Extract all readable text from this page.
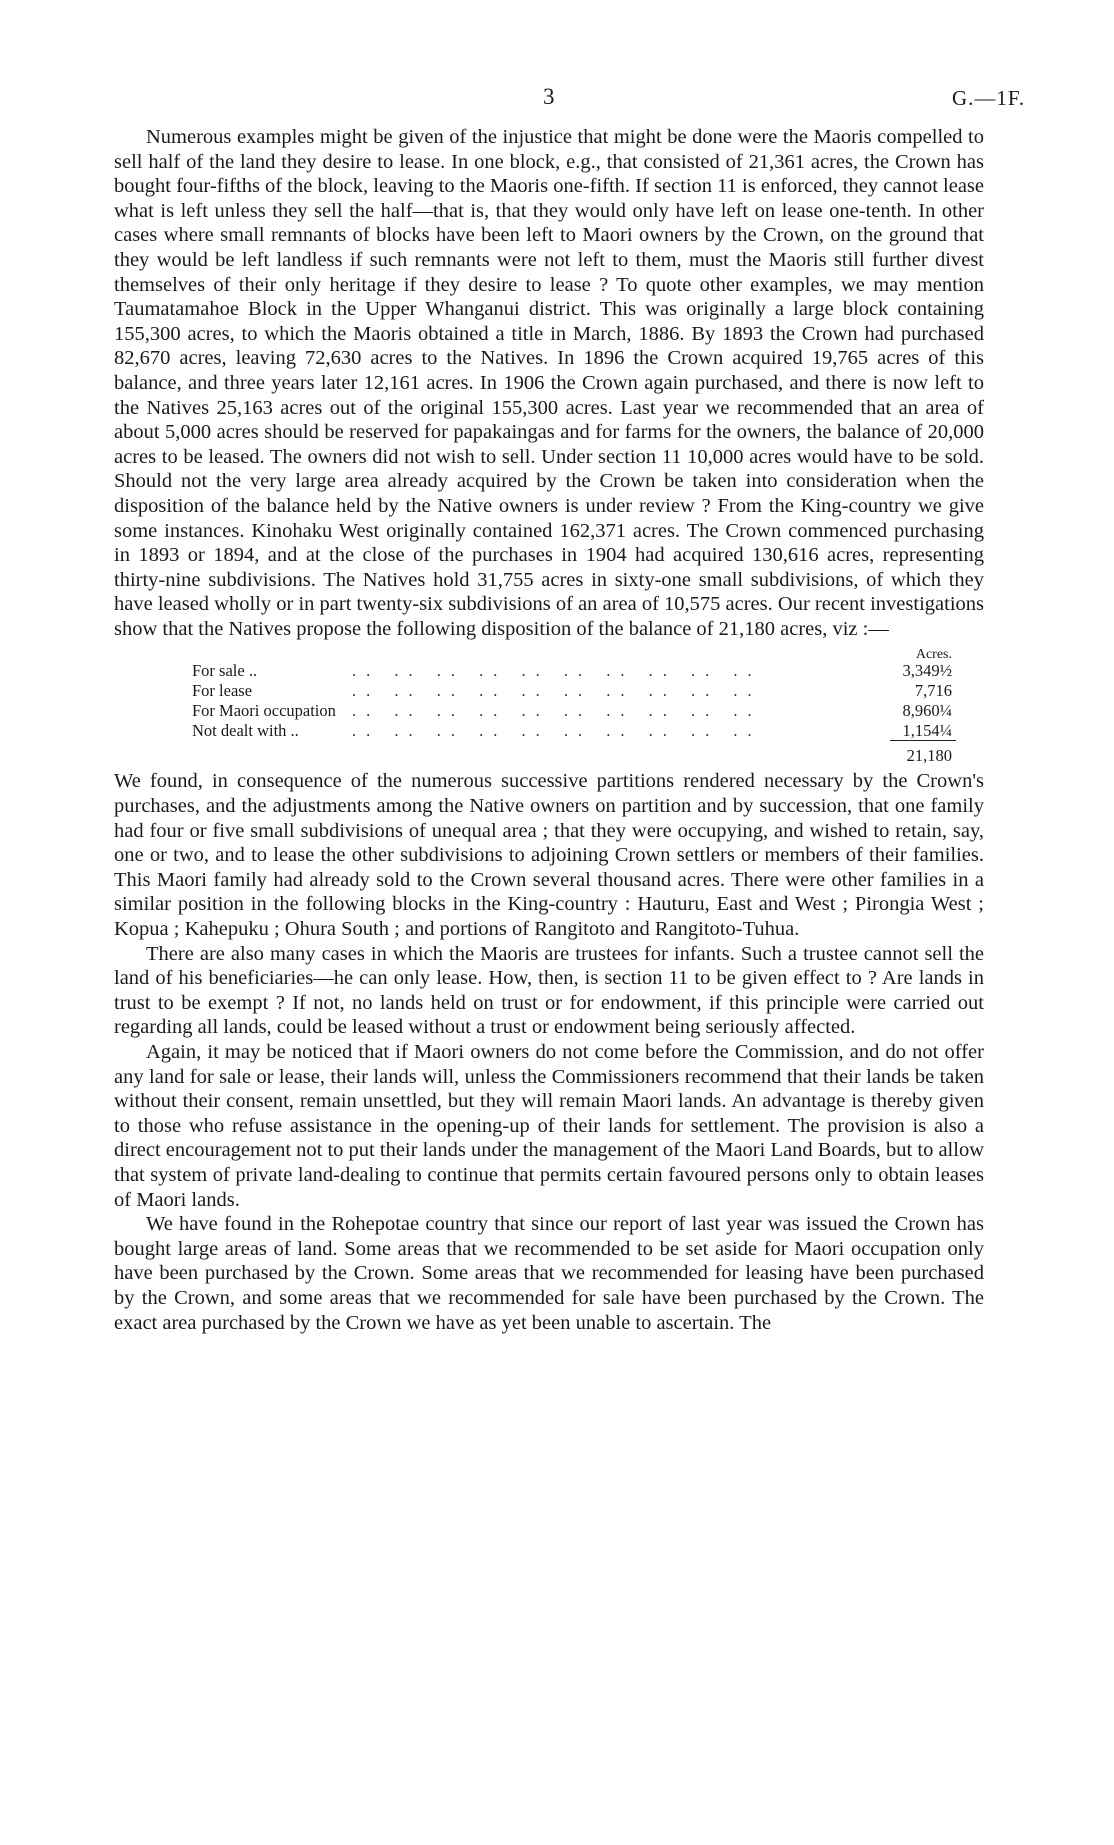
3	G.—1F.

Numerous examples might be given of the injustice that might be done were the Maoris compelled to sell half of the land they desire to lease. In one block, e.g., that consisted of 21,361 acres, the Crown has bought four-fifths of the block, leaving to the Maoris one-fifth. If section 11 is enforced, they cannot lease what is left unless they sell the half—that is, that they would only have left on lease one-tenth. In other cases where small remnants of blocks have been left to Maori owners by the Crown, on the ground that they would be left landless if such remnants were not left to them, must the Maoris still further divest themselves of their only heritage if they desire to lease ? To quote other examples, we may mention Taumatamahoe Block in the Upper Whanganui district. This was originally a large block containing 155,300 acres, to which the Maoris obtained a title in March, 1886. By 1893 the Crown had purchased 82,670 acres, leaving 72,630 acres to the Natives. In 1896 the Crown acquired 19,765 acres of this balance, and three years later 12,161 acres. In 1906 the Crown again purchased, and there is now left to the Natives 25,163 acres out of the original 155,300 acres. Last year we recommended that an area of about 5,000 acres should be reserved for papakaingas and for farms for the owners, the balance of 20,000 acres to be leased. The owners did not wish to sell. Under section 11 10,000 acres would have to be sold. Should not the very large area already acquired by the Crown be taken into consideration when the disposition of the balance held by the Native owners is under review ? From the King-country we give some instances. Kinohaku West originally contained 162,371 acres. The Crown commenced purchasing in 1893 or 1894, and at the close of the purchases in 1904 had acquired 130,616 acres, representing thirty-nine subdivisions. The Natives hold 31,755 acres in sixty-one small subdivisions, of which they have leased wholly or in part twenty-six subdivisions of an area of 10,575 acres. Our recent investigations show that the Natives propose the following disposition of the balance of 21,180 acres, viz :—

Acres.
For sale ..	.. .. .. .. .. .. .. .. .. ..	3,349½
For lease	.. .. .. .. .. .. .. .. .. ..	7,716
For Maori occupation .. .. .. .. .. .. .. .. .. ..	8,960¼
Not dealt with ..	.. .. .. .. .. .. .. .. .. ..	1,154¼
21,180

We found, in consequence of the numerous successive partitions rendered necessary by the Crown's purchases, and the adjustments among the Native owners on partition and by succession, that one family had four or five small subdivisions of unequal area ; that they were occupying, and wished to retain, say, one or two, and to lease the other subdivisions to adjoining Crown settlers or members of their families. This Maori family had already sold to the Crown several thousand acres. There were other families in a similar position in the following blocks in the King-country : Hauturu, East and West ; Pirongia West ; Kopua ; Kahepuku ; Ohura South ; and portions of Rangitoto and Rangitoto-Tuhua.

There are also many cases in which the Maoris are trustees for infants. Such a trustee cannot sell the land of his beneficiaries—he can only lease. How, then, is section 11 to be given effect to ? Are lands in trust to be exempt ? If not, no lands held on trust or for endowment, if this principle were carried out regarding all lands, could be leased without a trust or endowment being seriously affected.

Again, it may be noticed that if Maori owners do not come before the Commission, and do not offer any land for sale or lease, their lands will, unless the Commissioners recommend that their lands be taken without their consent, remain unsettled, but they will remain Maori lands. An advantage is thereby given to those who refuse assistance in the opening-up of their lands for settlement. The provision is also a direct encouragement not to put their lands under the management of the Maori Land Boards, but to allow that system of private land-dealing to continue that permits certain favoured persons only to obtain leases of Maori lands.

We have found in the Rohepotae country that since our report of last year was issued the Crown has bought large areas of land. Some areas that we recommended to be set aside for Maori occupation only have been purchased by the Crown. Some areas that we recommended for leasing have been purchased by the Crown, and some areas that we recommended for sale have been purchased by the Crown. The exact area purchased by the Crown we have as yet been unable to ascertain. The
